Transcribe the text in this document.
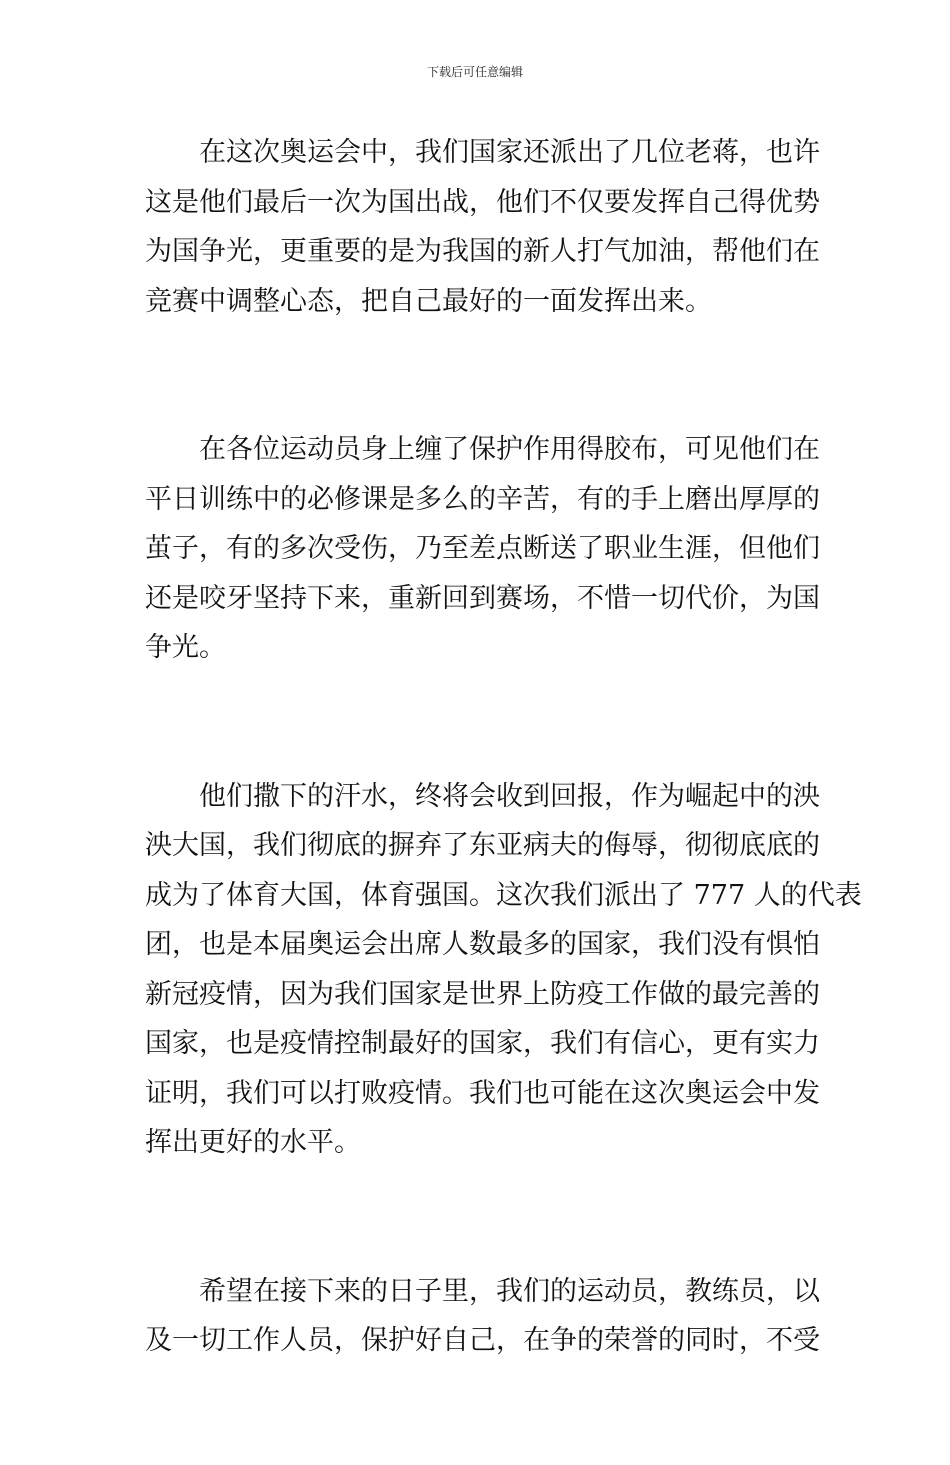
下载后可任意编辑

在这次奥运会中，我们国家还派出了几位老蒋，也许
这是他们最后一次为国出战，他们不仅要发挥自己得优势
为国争光，更重要的是为我国的新人打气加油，帮他们在
竞赛中调整心态，把自己最好的一面发挥出来。

在各位运动员身上缠了保护作用得胶布，可见他们在
平日训练中的必修课是多么的辛苦，有的手上磨出厚厚的
茧子，有的多次受伤，乃至差点断送了职业生涯，但他们
还是咬牙坚持下来，重新回到赛场，不惜一切代价，为国
争光。

他们撒下的汗水，终将会收到回报，作为崛起中的泱
泱大国，我们彻底的摒弃了东亚病夫的侮辱，彻彻底底的
成为了体育大国，体育强国。这次我们派出了 777 人的代表
团，也是本届奥运会出席人数最多的国家，我们没有惧怕
新冠疫情，因为我们国家是世界上防疫工作做的最完善的
国家，也是疫情控制最好的国家，我们有信心，更有实力
证明，我们可以打败疫情。我们也可能在这次奥运会中发
挥出更好的水平。

希望在接下来的日子里，我们的运动员，教练员，以
及一切工作人员，保护好自己，在争的荣誉的同时，不受
